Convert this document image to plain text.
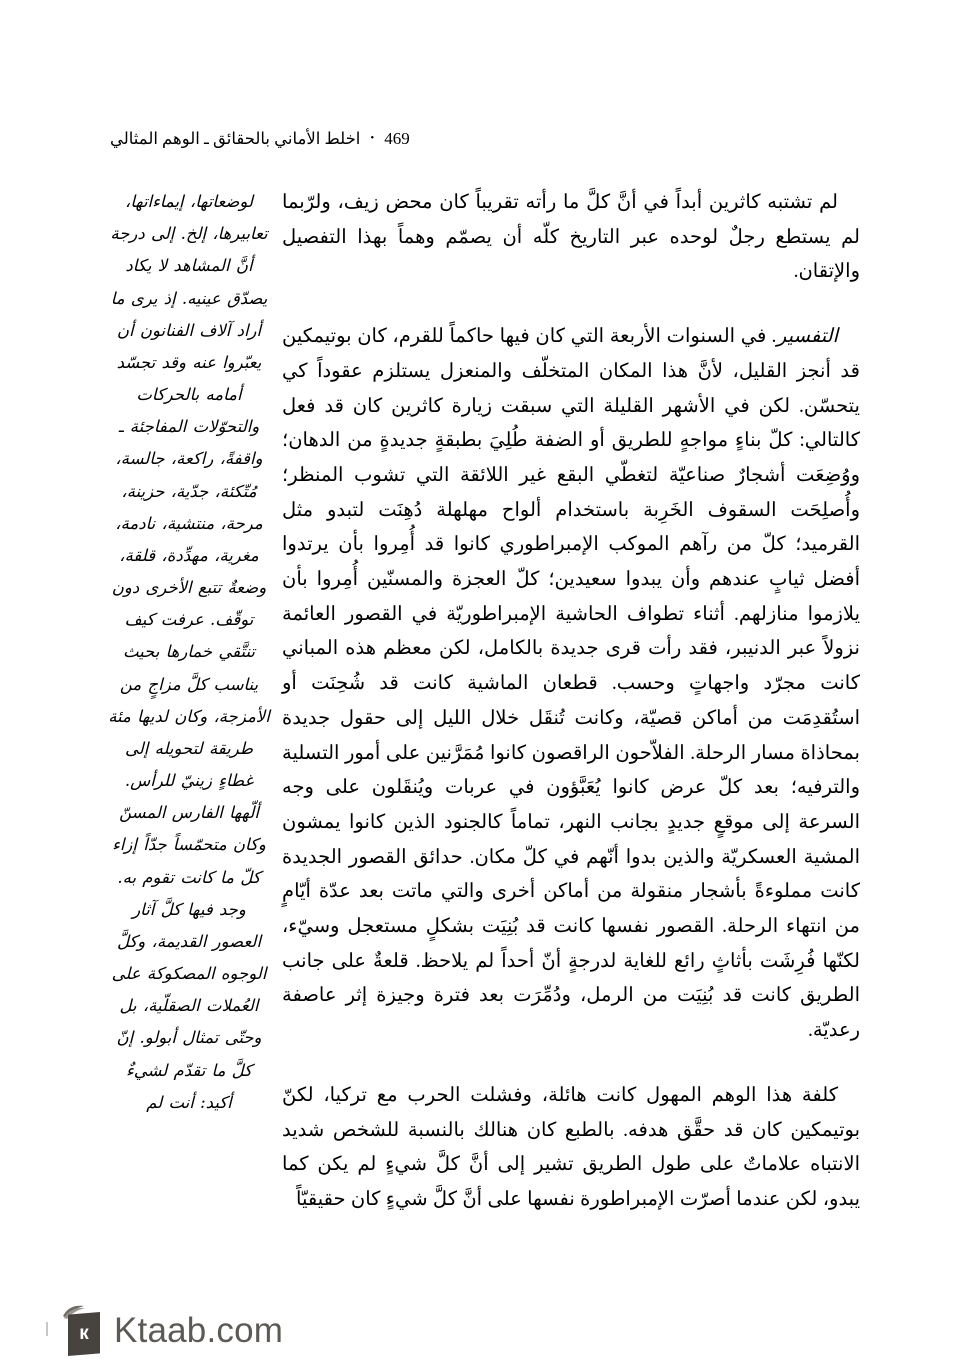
اخلط الأماني بالحقائق ـ الوهم المثالي • 469

لوضعاتها، إيماءاتها، تعابيرها، إلخ. إلى درجة أنَّ المشاهد لا يكاد يصدّق عينيه. إذ يرى ما أراد آلاف الفنانون أن يعبّروا عنه وقد تجسّد أمامه بالحركات والتحوّلات المفاجئة ـ واقفةً، راكعة، جالسة، مُتّكئة، جدّية، حزينة، مرحة، منتشية، نادمة، مغرية، مهدِّدة، قلقة، وضعةٌ تتبع الأخرى دون توقّف. عرفت كيف تنتَّقي خمارها بحيث يناسب كلَّ مزاجٍ من الأمزجة، وكان لديها مئة طريقة لتحويله إلى غطاءٍ زينيّ للرأس. ألّهها الفارس المسنّ وكان متحمّساً جدّاً إزاء كلّ ما كانت تقوم به. وجد فيها كلَّ آثار العصور القديمة، وكلَّ الوجوه المصكوكة على العُملات الصقلّية، بل وحتّى تمثال أبولو. إنّ كلَّ ما تقدّم لشيءٌ أكيد: أنت لم

لم تشتبه كاثرين أبداً في أنَّ كلَّ ما رأته تقريباً كان محض زيف، ولرّبما لم يستطع رجلٌ لوحده عبر التاريخ كلّه أن يصمّم وهماً بهذا التفصيل والإتقان.

التفسير. في السنوات الأربعة التي كان فيها حاكماً للقرم، كان بوتيمكين قد أنجز القليل، لأنَّ هذا المكان المتخلّف والمنعزل يستلزم عقوداً كي يتحسّن. لكن في الأشهر القليلة التي سبقت زيارة كاثرين كان قد فعل كالتالي: كلّ بناءٍ مواجهٍ للطريق أو الضفة طُلِيَ بطبقةٍ جديدةٍ من الدهان؛ ووُضِعَت أشجارٌ صناعيّة لتغطّي البقع غير اللائقة التي تشوب المنظر؛ وأُصلِحَت السقوف الخَرِبة باستخدام ألواح مهلهلة دُهِنَت لتبدو مثل القرميد؛ كلّ من رآهم الموكب الإمبراطوري كانوا قد أُمِروا بأن يرتدوا أفضل ثيابٍ عندهم وأن يبدوا سعيدين؛ كلّ العجزة والمسنّين أُمِروا بأن يلازموا منازلهم. أثناء تطواف الحاشية الإمبراطوريّة في القصور العائمة نزولاً عبر الدنيبر، فقد رأت قرى جديدة بالكامل، لكن معظم هذه المباني كانت مجرّد واجهاتٍ وحسب. قطعان الماشية كانت قد شُحِنَت أو استُقدِمَت من أماكن قصيّة، وكانت تُنقَل خلال الليل إلى حقول جديدة بمحاذاة مسار الرحلة. الفلاّحون الراقصون كانوا مُمَرَّنين على أمور التسلية والترفيه؛ بعد كلّ عرض كانوا يُعَبَّؤون في عربات ويُنقَلون على وجه السرعة إلى موقعٍ جديدٍ بجانب النهر، تماماً كالجنود الذين كانوا يمشون المشية العسكريّة والذين بدوا أنّهم في كلّ مكان. حدائق القصور الجديدة كانت مملوءةً بأشجار منقولة من أماكن أخرى والتي ماتت بعد عدّة أيّامٍ من انتهاء الرحلة. القصور نفسها كانت قد بُنِيَت بشكلٍ مستعجل وسيّء، لكنّها فُرِشَت بأثاثٍ رائع للغاية لدرجةٍ أنّ أحداً لم يلاحظ. قلعةٌ على جانب الطريق كانت قد بُنِيَت من الرمل، ودُمِّرَت بعد فترة وجيزة إثر عاصفة رعديّة.

كلفة هذا الوهم المهول كانت هائلة، وفشلت الحرب مع تركيا، لكنّ بوتيمكين كان قد حقَّق هدفه. بالطبع كان هنالك بالنسبة للشخص شديد الانتباه علاماتٌ على طول الطريق تشير إلى أنَّ كلَّ شيءٍ لم يكن كما يبدو، لكن عندما أصرّت الإمبراطورة نفسها على أنَّ كلَّ شيءٍ كان حقيقيّاً

к Ktaab.com
